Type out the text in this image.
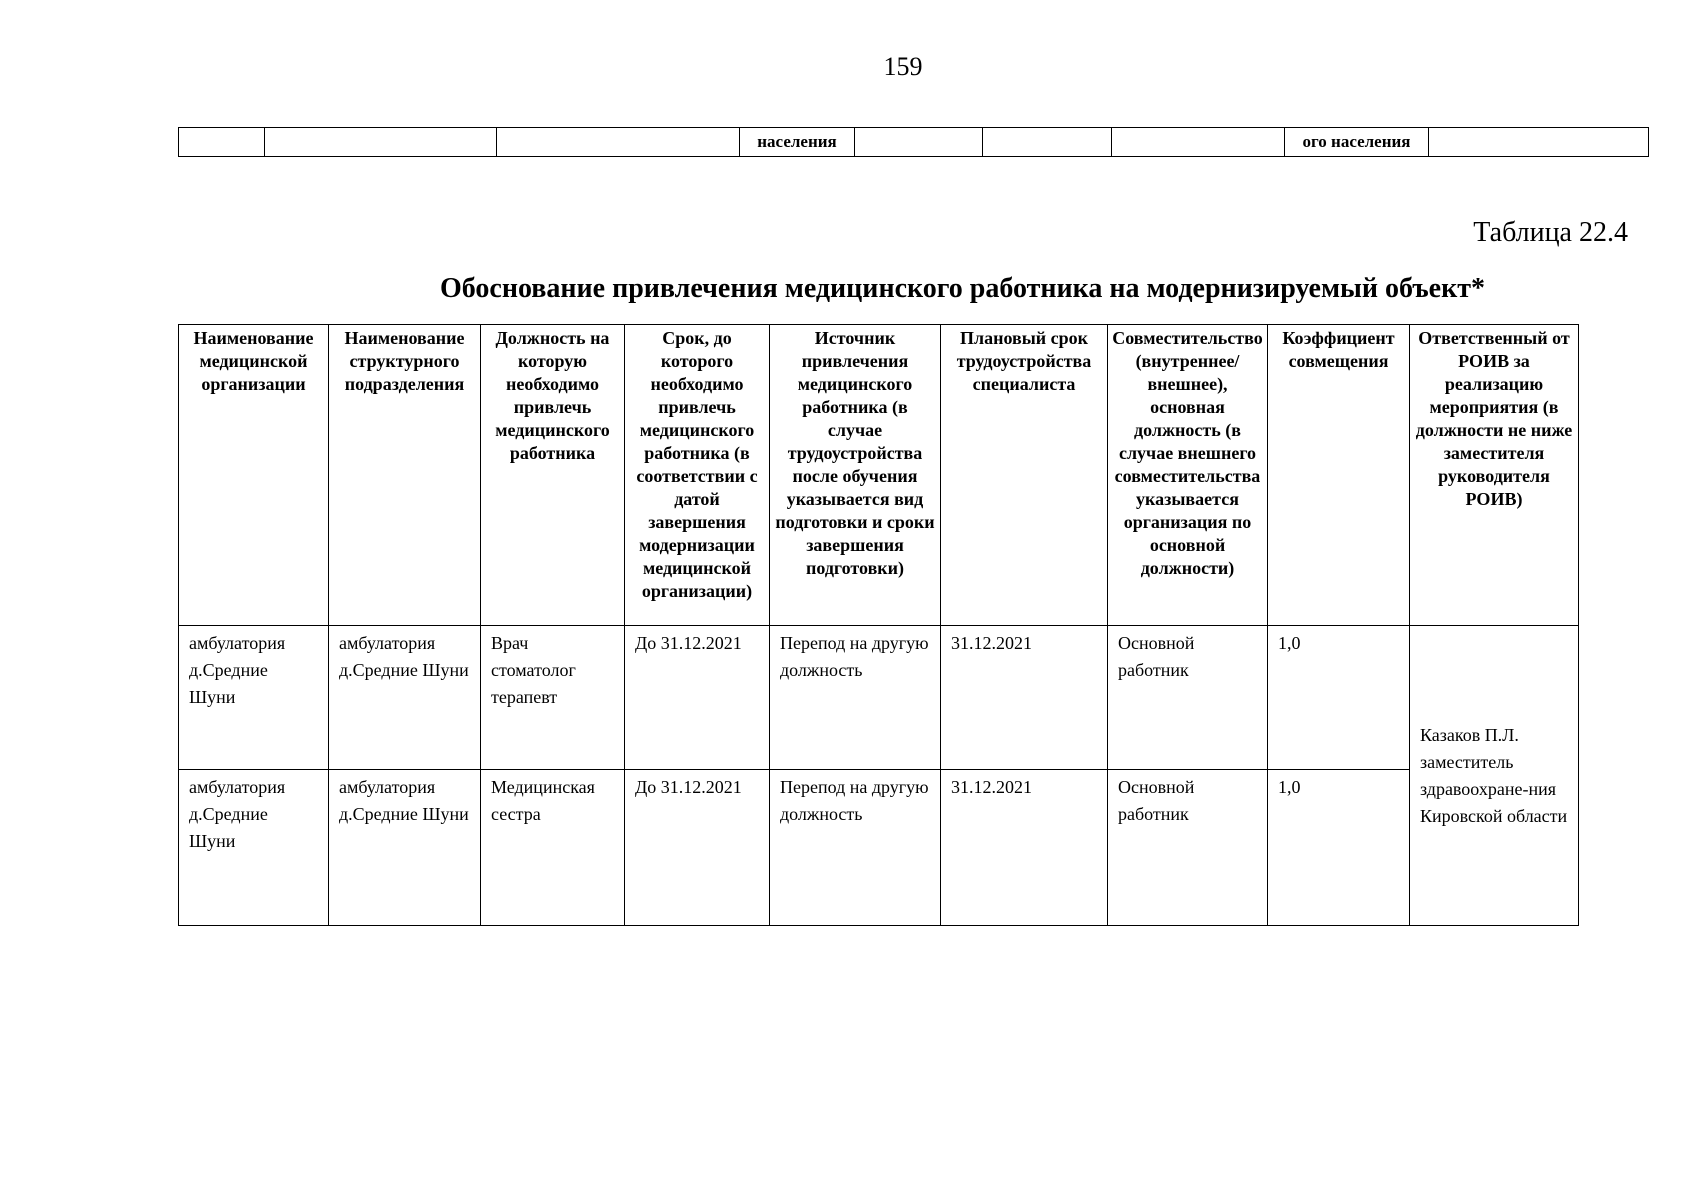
159
			населения				ого населения	
Таблица 22.4
Обоснование привлечения медицинского работника на модернизируемый объект*
Наименование медицинской организации	Наименование структурного подразделения	Должность на которую необходимо привлечь медицинского работника	Срок, до которого необходимо привлечь медицинского работника (в соответствии с датой завершения модернизации медицинской организации)	Источник привлечения медицинского работника (в случае трудоустройства после обучения указывается вид подготовки и сроки завершения подготовки)	Плановый срок трудоустройства специалиста	Совместительство (внутреннее/внешнее), основная должность (в случае внешнего совместительства указывается организация по основной должности)	Коэффициент совмещения	Ответственный от РОИВ за реализацию мероприятия (в должности не ниже заместителя руководителя РОИВ)
амбулатория д.Средние Шуни	амбулатория д.Средние Шуни	Врач стоматолог терапевт	До 31.12.2021	Перепод на другую должность	31.12.2021	Основной работник	1,0	Казаков П.Л. заместитель здравоохране-ния Кировской области
амбулатория д.Средние Шуни	амбулатория д.Средние Шуни	Медицинская сестра	До 31.12.2021	Перепод на другую должность	31.12.2021	Основной работник	1,0	
